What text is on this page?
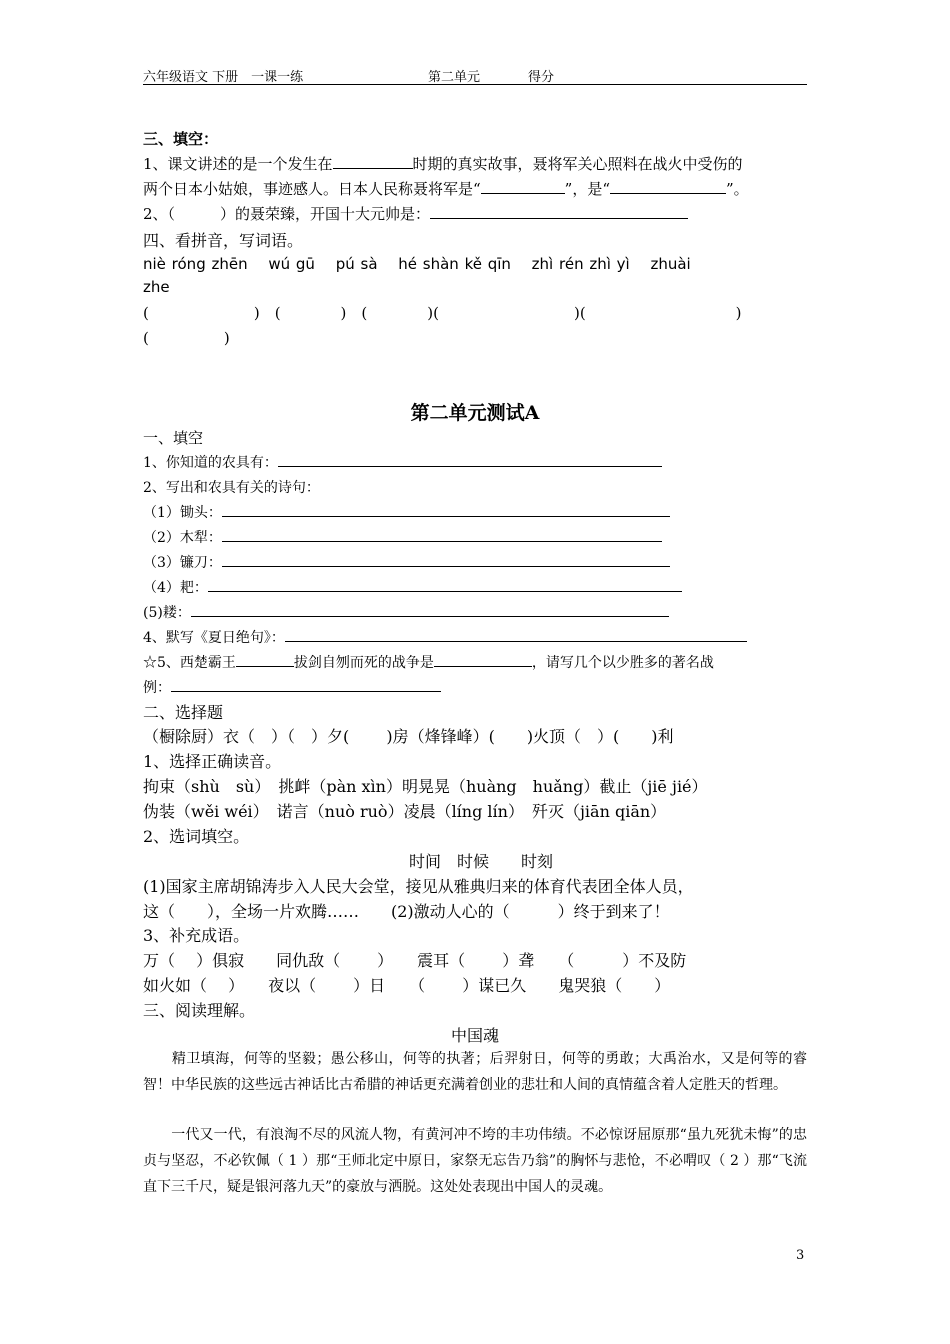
六年级语文 下册　一课一练	第二单元	得分
三、填空：
1、课文讲述的是一个发生在	时期的真实故事，聂将军关心照料在战火中受伤的
两个日本小姑娘，事迹感人。日本人民称聂将军是“	”，是“	”。
2、（　　　）的聂荣臻，开国十大元帅是：
四、看拼音，写词语。
niè róng zhēn　 wú gū　 pú sà　 hé shàn kě qīn　 zhì rén zhì yì　 zhuài
zhe
(　　　　　　　)　(　　　　)　(　　　　)(　　　　　　　　　)(　　　　　　　　　　)
(　　　　　)
第二单元测试A
一、填空
1、你知道的农具有：
2、写出和农具有关的诗句：
（1）锄头：
（2）木犁：
（3）镰刀：
（4）耙：
(5)耧：
4、默写《夏日绝句》：
☆5、西楚霸王	拔剑自刎而死的战争是	，请写几个以少胜多的著名战
例：
二、选择题
（橱除厨）衣（　）（　）夕(　　 )房（烽锋峰）(　　)火顶（　）(　　)利
1、选择正确读音。
拘束（shù　sù）　挑衅（pàn xìn）明晃晃（huàng　huǎng）截止（jiē jié）
伪装（wěi wéi）　诺言（nuò ruò）凌晨（líng lín）　歼灭（jiān qiān）
2、选词填空。
时间　时候　　时刻
(1)国家主席胡锦涛步入人民大会堂，接见从雅典归来的体育代表团全体人员，
这（　　），全场一片欢腾……　　(2)激动人心的（　　　）终于到来了！
3、补充成语。
万（　 ）俱寂　　同仇敌（　　 ）　　震耳（　　 ）聋　　（　　　）不及防
如火如（　 ）　　夜以（　　 ）日　　（　　 ）谋已久　　鬼哭狼（　　）
三、阅读理解。
中国魂
　　精卫填海，何等的坚毅；愚公移山，何等的执著；后羿射日，何等的勇敢；大禹治水，又是何等的睿智！中华民族的这些远古神话比古希腊的神话更充满着创业的悲壮和人间的真情蕴含着人定胜天的哲理。
　　一代又一代，有浪淘不尽的风流人物，有黄河冲不垮的丰功伟绩。不必惊讶屈原那“虽九死犹未悔”的忠贞与坚忍，不必钦佩（ 1 ）那“王师北定中原日，家祭无忘告乃翁”的胸怀与悲怆，不必喟叹（ 2 ）那“飞流直下三千尺，疑是银河落九天”的豪放与洒脱。这处处表现出中国人的灵魂。
3
